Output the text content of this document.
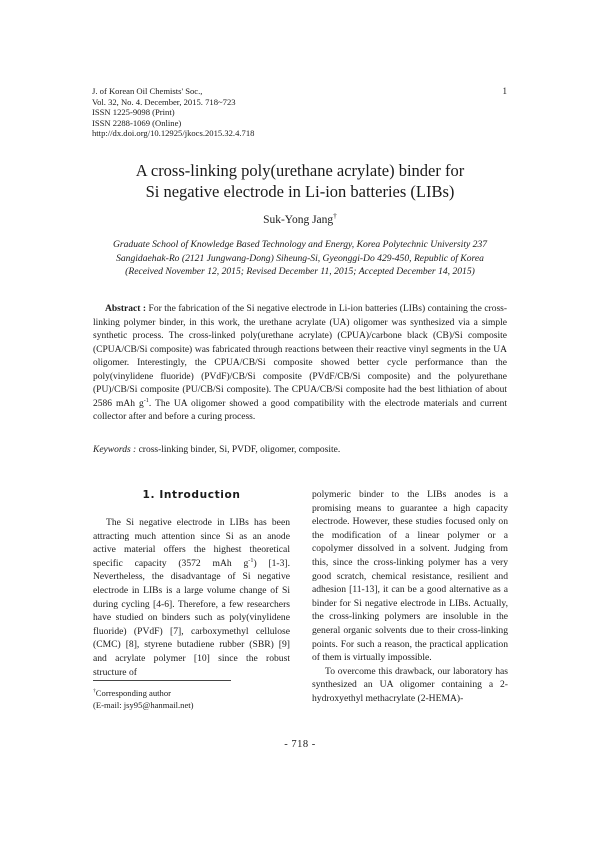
J. of Korean Oil Chemists' Soc.,
Vol. 32, No. 4. December, 2015. 718~723
ISSN 1225-9098 (Print)
ISSN 2288-1069 (Online)
http://dx.doi.org/10.12925/jkocs.2015.32.4.718
1
A cross-linking poly(urethane acrylate) binder for
Si negative electrode in Li-ion batteries (LIBs)
Suk-Yong Jang†
Graduate School of Knowledge Based Technology and Energy, Korea Polytechnic University 237
Sangidaehak-Ro (2121 Jungwang-Dong) Siheung-Si, Gyeonggi-Do 429-450, Republic of Korea
(Received November 12, 2015; Revised December 11, 2015; Accepted December 14, 2015)
Abstract : For the fabrication of the Si negative electrode in Li-ion batteries (LIBs) containing the cross-linking polymer binder, in this work, the urethane acrylate (UA) oligomer was synthesized via a simple synthetic process. The cross-linked poly(urethane acrylate) (CPUA)/carbone black (CB)/Si composite (CPUA/CB/Si composite) was fabricated through reactions between their reactive vinyl segments in the UA oligomer. Interestingly, the CPUA/CB/Si composite showed better cycle performance than the poly(vinylidene fluoride) (PVdF)/CB/Si composite (PVdF/CB/Si composite) and the polyurethane (PU)/CB/Si composite (PU/CB/Si composite). The CPUA/CB/Si composite had the best lithiation of about 2586 mAh $g^{-1}$. The UA oligomer showed a good compatibility with the electrode materials and current collector after and before a curing process.
Keywords : cross-linking binder, Si, PVDF, oligomer, composite.
1. Introduction

The Si negative electrode in LIBs has been attracting much attention since Si as an anode active material offers the highest theoretical specific capacity (3572 mAh $g^{-1}$) [1-3]. Nevertheless, the disadvantage of Si negative electrode in LIBs is a large volume change of Si during cycling [4-6]. Therefore, a few researchers have studied on binders such as poly(vinylidene fluoride) (PVdF) [7], carboxymethyl cellulose (CMC) [8], styrene butadiene rubber (SBR) [9] and acrylate polymer [10] since the robust structure of

polymeric binder to the LIBs anodes is a promising means to guarantee a high capacity electrode. However, these studies focused only on the modification of a linear polymer or a copolymer dissolved in a solvent. Judging from this, since the cross-linking polymer has a very good scratch, chemical resistance, resilient and adhesion [11-13], it can be a good alternative as a binder for Si negative electrode in LIBs. Actually, the cross-linking polymers are insoluble in the general organic solvents due to their cross-linking points. For such a reason, the practical application of them is virtually impossible.

To overcome this drawback, our laboratory has synthesized an UA oligomer containing a 2-hydroxyethyl methacrylate (2-HEMA)-

†Corresponding author
(E-mail: jsy95@hanmail.net)
- 718 -
